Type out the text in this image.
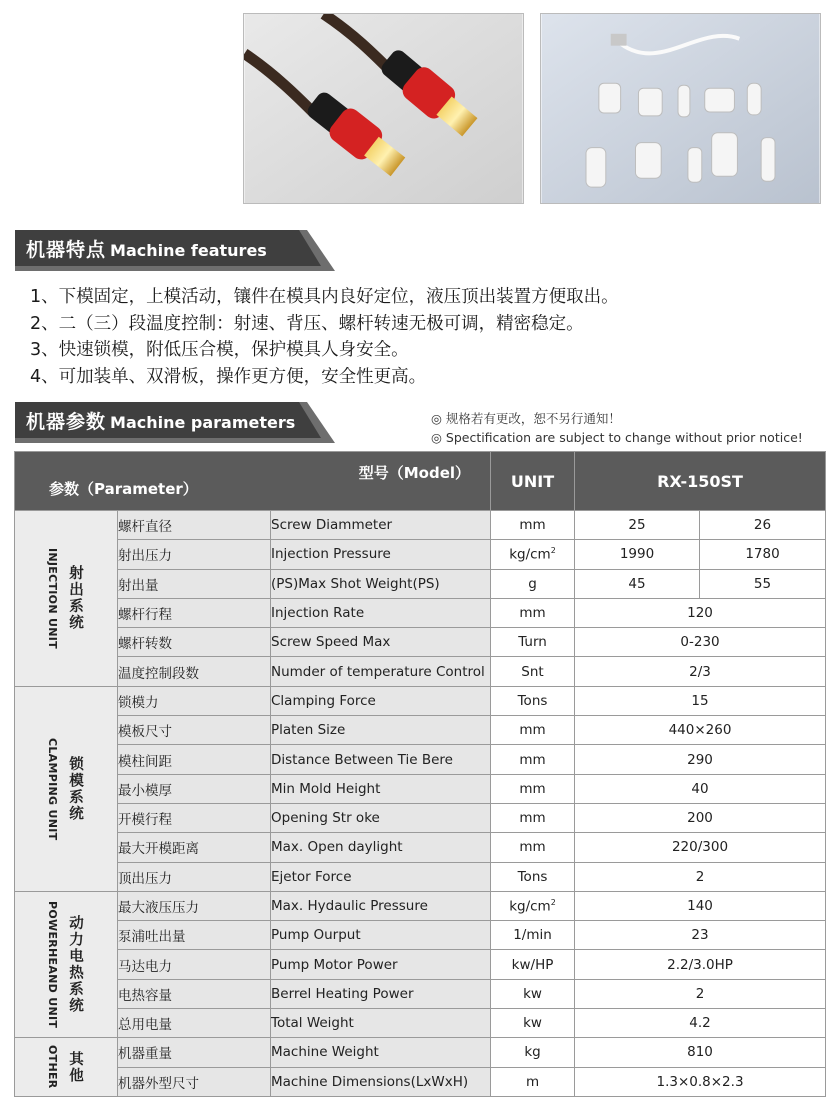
机器特点 Machine features
1、下模固定，上模活动，镶件在模具内良好定位，液压顶出装置方便取出。
2、二（三）段温度控制：射速、背压、螺杆转速无极可调，精密稳定。
3、快速锁模，附低压合模，保护模具人身安全。
4、可加装单、双滑板，操作更方便，安全性更高。
机器参数 Machine parameters	◎ 规格若有更改，恕不另行通知！
◎ Spectification are subject to change without prior notice!
型号（Model）
参数（Parameter）			UNIT	RX-150ST	

INJECTION UNIT 射出系统	螺杆直径	Screw Diammeter	mm	25	26
	射出压力	Injection Pressure	$kg/cm^2$	1990	1780
	射出量	(PS)Max Shot Weight(PS)	g	45	55
	螺杆行程	Injection Rate	mm	120	
	螺杆转数	Screw Speed Max	Turn	0-230	
	温度控制段数	Numder of temperature Control	Snt	2/3	

CLAMPING UNIT 锁模系统	锁模力	Clamping Force	Tons	15	
	模板尺寸	Platen Size	mm	440×260	
	模柱间距	Distance Between Tie Bere	mm	290	
	最小模厚	Min Mold Height	mm	40	
	开模行程	Opening Str oke	mm	200	
	最大开模距离	Max. Open daylight	mm	220/300	
	顶出压力	Ejetor Force	Tons	2	

POWERHEAND UNIT 动力电热系统	最大液压压力	Max. Hydaulic Pressure	$kg/cm^2$	140	
	泵浦吐出量	Pump Ourput	1/min	23	
	马达电力	Pump Motor Power	kw/HP	2.2/3.0HP	
	电热容量	Berrel Heating Power	kw	2	
	总用电量	Total Weight	kw	4.2	

OTHER 其他	机器重量	Machine Weight	kg	810	
	机器外型尺寸	Machine Dimensions(LxWxH)	m	1.3×0.8×2.3	
